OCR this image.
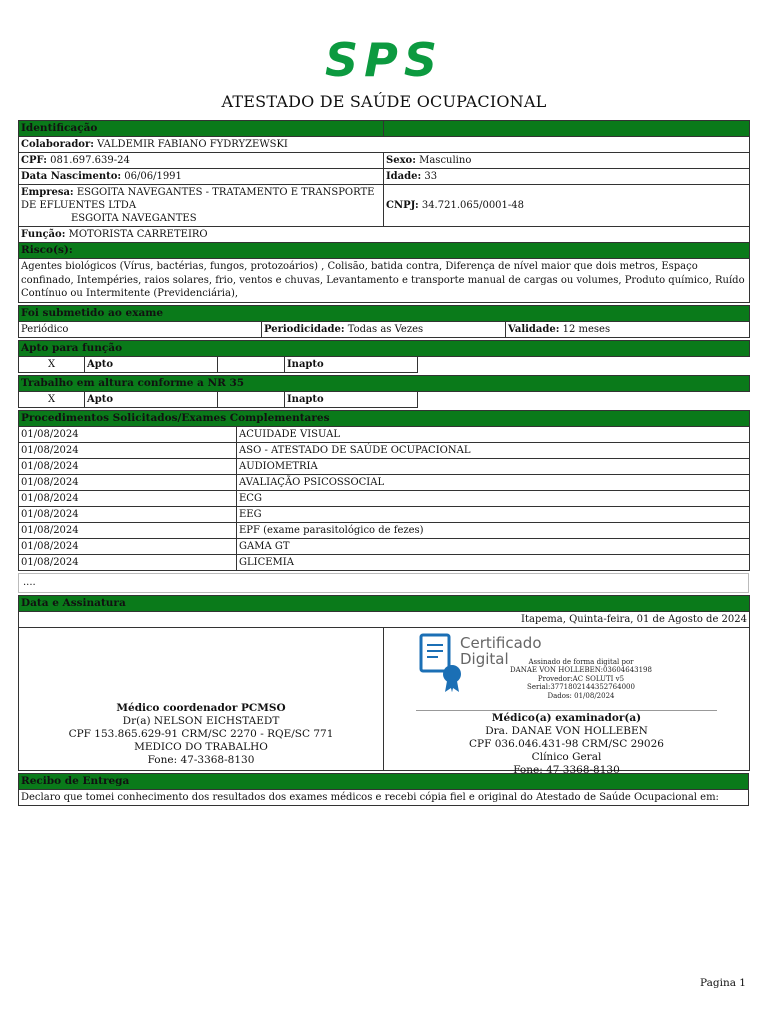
SPS
ATESTADO DE SAÚDE OCUPACIONAL
Identificação	
Colaborador: VALDEMIR FABIANO FYDRYZEWSKI	
CPF: 081.697.639-24	Sexo: Masculino
Data Nascimento: 06/06/1991	Idade: 33
Empresa: ESGOITA NAVEGANTES - TRATAMENTO E TRANSPORTE DE EFLUENTES LTDA
ESGOITA NAVEGANTES	CNPJ: 34.721.065/0001-48
Função: MOTORISTA CARRETEIRO	
Risco(s):	
Agentes biológicos (Vírus, bactérias, fungos, protozoários) , Colisão, batida contra, Diferença de nível maior que dois metros, Espaço confinado, Intempéries, raios solares, frio, ventos e chuvas, Levantamento e transporte manual de cargas ou volumes, Produto químico, Ruído Contínuo ou Intermitente (Previdenciária),	
Foi submetido ao exame
Periódico	Periodicidade: Todas as Vezes	Validade: 12 meses
Apto para função
X	Apto		Inapto	
Trabalho em altura conforme a NR 35
X	Apto		Inapto	
Procedimentos Solicitados/Exames Complementares	
01/08/2024	ACUIDADE VISUAL
01/08/2024	ASO - ATESTADO DE SAÚDE OCUPACIONAL
01/08/2024	AUDIOMETRIA
01/08/2024	AVALIAÇÃO PSICOSSOCIAL
01/08/2024	ECG
01/08/2024	EEG
01/08/2024	EPF (exame parasitológico de fezes)
01/08/2024	GAMA GT
01/08/2024	GLICEMIA
....
Data e Assinatura
Itapema, Quinta-feira, 01 de Agosto de 2024

Médico coordenador PCMSO
Dr(a) NELSON EICHSTAEDT
CPF 153.865.629-91 CRM/SC 2270 - RQE/SC 771
MEDICO DO TRABALHO
Fone: 47-3368-8130

Certificado
Digital	Assinado de forma digital por
DANAE VON HOLLEBEN:03604643198
Provedor:AC SOLUTI v5
Serial:3771802144352764000
Dados: 01/08/2024
Médico(a) examinador(a)
Dra. DANAE VON HOLLEBEN
CPF 036.046.431-98 CRM/SC 29026
Clínico Geral
Fone: 47 3368-8130
Recibo de Entrega
Declaro que tomei conhecimento dos resultados dos exames médicos e recebi cópia fiel e original do Atestado de Saúde Ocupacional em:
Pagina 1
